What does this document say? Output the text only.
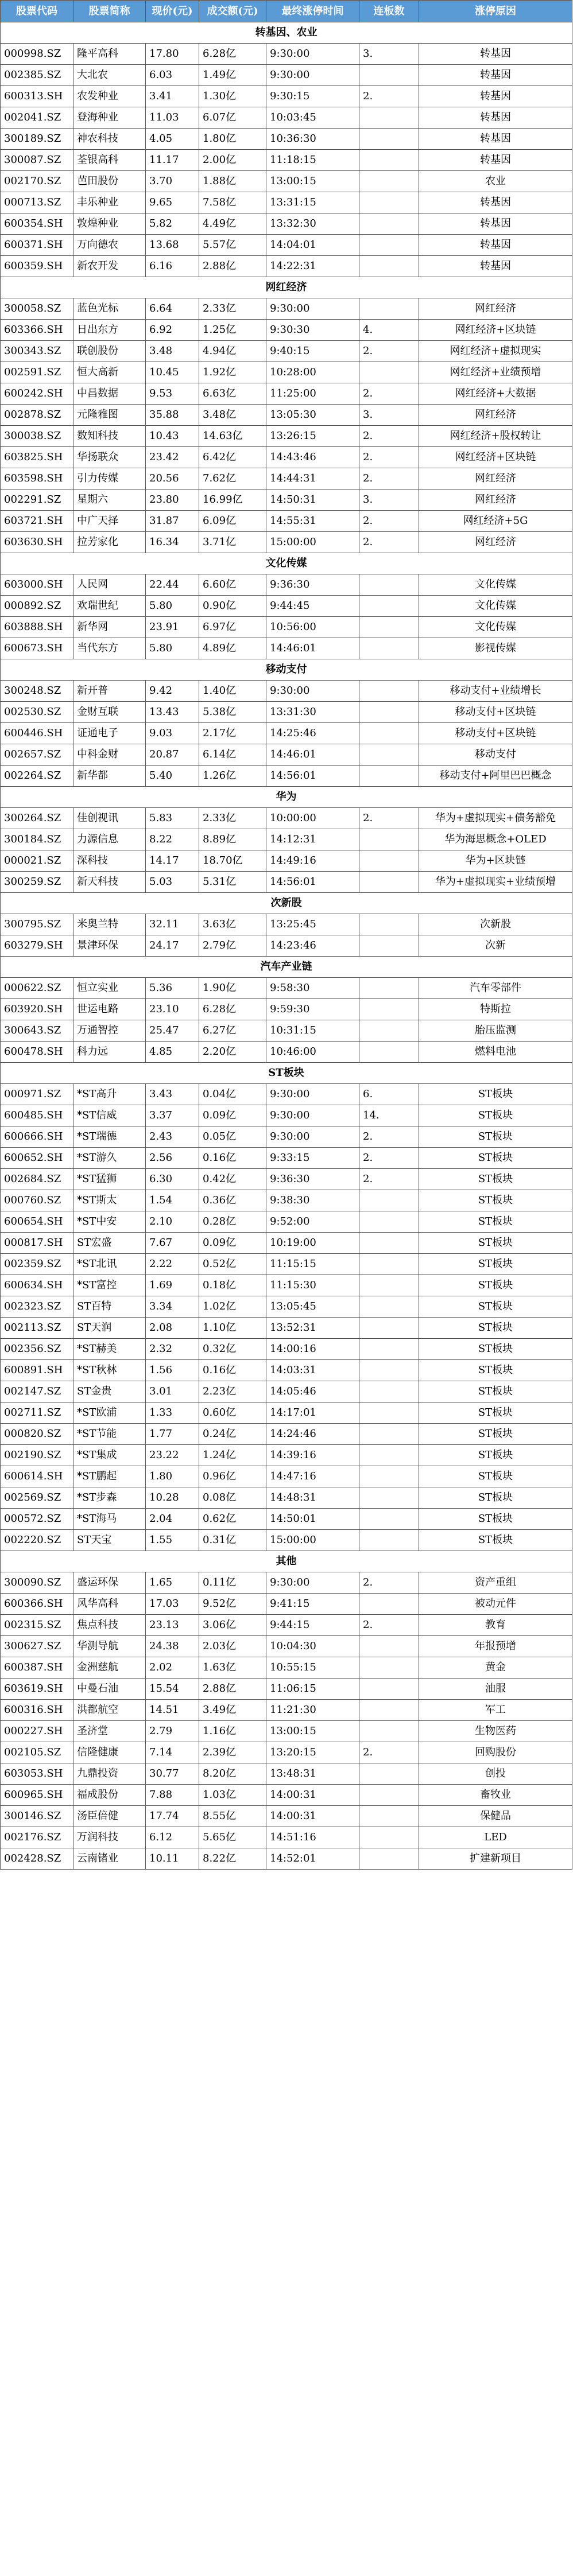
股票代码	股票简称	现价(元)	成交额(元)	最终涨停时间	连板数	涨停原因
转基因、农业						
000998.SZ	隆平高科	17.80	6.28亿	9:30:00	3.	转基因
002385.SZ	大北农	6.03	1.49亿	9:30:00		转基因
600313.SH	农发种业	3.41	1.30亿	9:30:15	2.	转基因
002041.SZ	登海种业	11.03	6.07亿	10:03:45		转基因
300189.SZ	神农科技	4.05	1.80亿	10:36:30		转基因
300087.SZ	荃银高科	11.17	2.00亿	11:18:15		转基因
002170.SZ	芭田股份	3.70	1.88亿	13:00:15		农业
000713.SZ	丰乐种业	9.65	7.58亿	13:31:15		转基因
600354.SH	敦煌种业	5.82	4.49亿	13:32:30		转基因
600371.SH	万向德农	13.68	5.57亿	14:04:01		转基因
600359.SH	新农开发	6.16	2.88亿	14:22:31		转基因
网红经济						
300058.SZ	蓝色光标	6.64	2.33亿	9:30:00		网红经济
603366.SH	日出东方	6.92	1.25亿	9:30:30	4.	网红经济+区块链
300343.SZ	联创股份	3.48	4.94亿	9:40:15	2.	网红经济+虚拟现实
002591.SZ	恒大高新	10.45	1.92亿	10:28:00		网红经济+业绩预增
600242.SH	中昌数据	9.53	6.63亿	11:25:00	2.	网红经济+大数据
002878.SZ	元隆雅图	35.88	3.48亿	13:05:30	3.	网红经济
300038.SZ	数知科技	10.43	14.63亿	13:26:15	2.	网红经济+股权转让
603825.SH	华扬联众	23.42	6.42亿	14:43:46	2.	网红经济+区块链
603598.SH	引力传媒	20.56	7.62亿	14:44:31	2.	网红经济
002291.SZ	星期六	23.80	16.99亿	14:50:31	3.	网红经济
603721.SH	中广天择	31.87	6.09亿	14:55:31	2.	网红经济+5G
603630.SH	拉芳家化	16.34	3.71亿	15:00:00	2.	网红经济
文化传媒						
603000.SH	人民网	22.44	6.60亿	9:36:30		文化传媒
000892.SZ	欢瑞世纪	5.80	0.90亿	9:44:45		文化传媒
603888.SH	新华网	23.91	6.97亿	10:56:00		文化传媒
600673.SH	当代东方	5.80	4.89亿	14:46:01		影视传媒
移动支付						
300248.SZ	新开普	9.42	1.40亿	9:30:00		移动支付+业绩增长
002530.SZ	金财互联	13.43	5.38亿	13:31:30		移动支付+区块链
600446.SH	证通电子	9.03	2.17亿	14:25:46		移动支付+区块链
002657.SZ	中科金财	20.87	6.14亿	14:46:01		移动支付
002264.SZ	新华都	5.40	1.26亿	14:56:01		移动支付+阿里巴巴概念
华为						
300264.SZ	佳创视讯	5.83	2.33亿	10:00:00	2.	华为+虚拟现实+债务豁免
300184.SZ	力源信息	8.22	8.89亿	14:12:31		华为海思概念+OLED
000021.SZ	深科技	14.17	18.70亿	14:49:16		华为+区块链
300259.SZ	新天科技	5.03	5.31亿	14:56:01		华为+虚拟现实+业绩预增
次新股						
300795.SZ	米奥兰特	32.11	3.63亿	13:25:45		次新股
603279.SH	景津环保	24.17	2.79亿	14:23:46		次新
汽车产业链						
000622.SZ	恒立实业	5.36	1.90亿	9:58:30		汽车零部件
603920.SH	世运电路	23.10	6.28亿	9:59:30		特斯拉
300643.SZ	万通智控	25.47	6.27亿	10:31:15		胎压监测
600478.SH	科力远	4.85	2.20亿	10:46:00		燃料电池
ST板块						
000971.SZ	*ST高升	3.43	0.04亿	9:30:00	6.	ST板块
600485.SH	*ST信威	3.37	0.09亿	9:30:00	14.	ST板块
600666.SH	*ST瑞德	2.43	0.05亿	9:30:00	2.	ST板块
600652.SH	*ST游久	2.56	0.16亿	9:33:15	2.	ST板块
002684.SZ	*ST猛狮	6.30	0.42亿	9:36:30	2.	ST板块
000760.SZ	*ST斯太	1.54	0.36亿	9:38:30		ST板块
600654.SH	*ST中安	2.10	0.28亿	9:52:00		ST板块
000817.SH	ST宏盛	7.67	0.09亿	10:19:00		ST板块
002359.SZ	*ST北讯	2.22	0.52亿	11:15:15		ST板块
600634.SH	*ST富控	1.69	0.18亿	11:15:30		ST板块
002323.SZ	ST百特	3.34	1.02亿	13:05:45		ST板块
002113.SZ	ST天润	2.08	1.10亿	13:52:31		ST板块
002356.SZ	*ST赫美	2.32	0.32亿	14:00:16		ST板块
600891.SH	*ST秋林	1.56	0.16亿	14:03:31		ST板块
002147.SZ	ST金贵	3.01	2.23亿	14:05:46		ST板块
002711.SZ	*ST欧浦	1.33	0.60亿	14:17:01		ST板块
000820.SZ	*ST节能	1.77	0.24亿	14:24:46		ST板块
002190.SZ	*ST集成	23.22	1.24亿	14:39:16		ST板块
600614.SH	*ST鹏起	1.80	0.96亿	14:47:16		ST板块
002569.SZ	*ST步森	10.28	0.08亿	14:48:31		ST板块
000572.SZ	*ST海马	2.04	0.62亿	14:50:01		ST板块
002220.SZ	ST天宝	1.55	0.31亿	15:00:00		ST板块
其他						
300090.SZ	盛运环保	1.65	0.11亿	9:30:00	2.	资产重组
600366.SH	风华高科	17.03	9.52亿	9:41:15		被动元件
002315.SZ	焦点科技	23.13	3.06亿	9:44:15	2.	教育
300627.SZ	华测导航	24.38	2.03亿	10:04:30		年报预增
600387.SH	金洲慈航	2.02	1.63亿	10:55:15		黄金
603619.SH	中曼石油	15.54	2.88亿	11:06:15		油服
600316.SH	洪都航空	14.51	3.49亿	11:21:30		军工
000227.SH	圣济堂	2.79	1.16亿	13:00:15		生物医药
002105.SZ	信隆健康	7.14	2.39亿	13:20:15	2.	回购股份
603053.SH	九鼎投资	30.77	8.20亿	13:48:31		创投
600965.SH	福成股份	7.88	1.03亿	14:00:31		畜牧业
300146.SZ	汤臣倍健	17.74	8.55亿	14:00:31		保健品
002176.SZ	万润科技	6.12	5.65亿	14:51:16		LED
002428.SZ	云南锗业	10.11	8.22亿	14:52:01		扩建新项目
